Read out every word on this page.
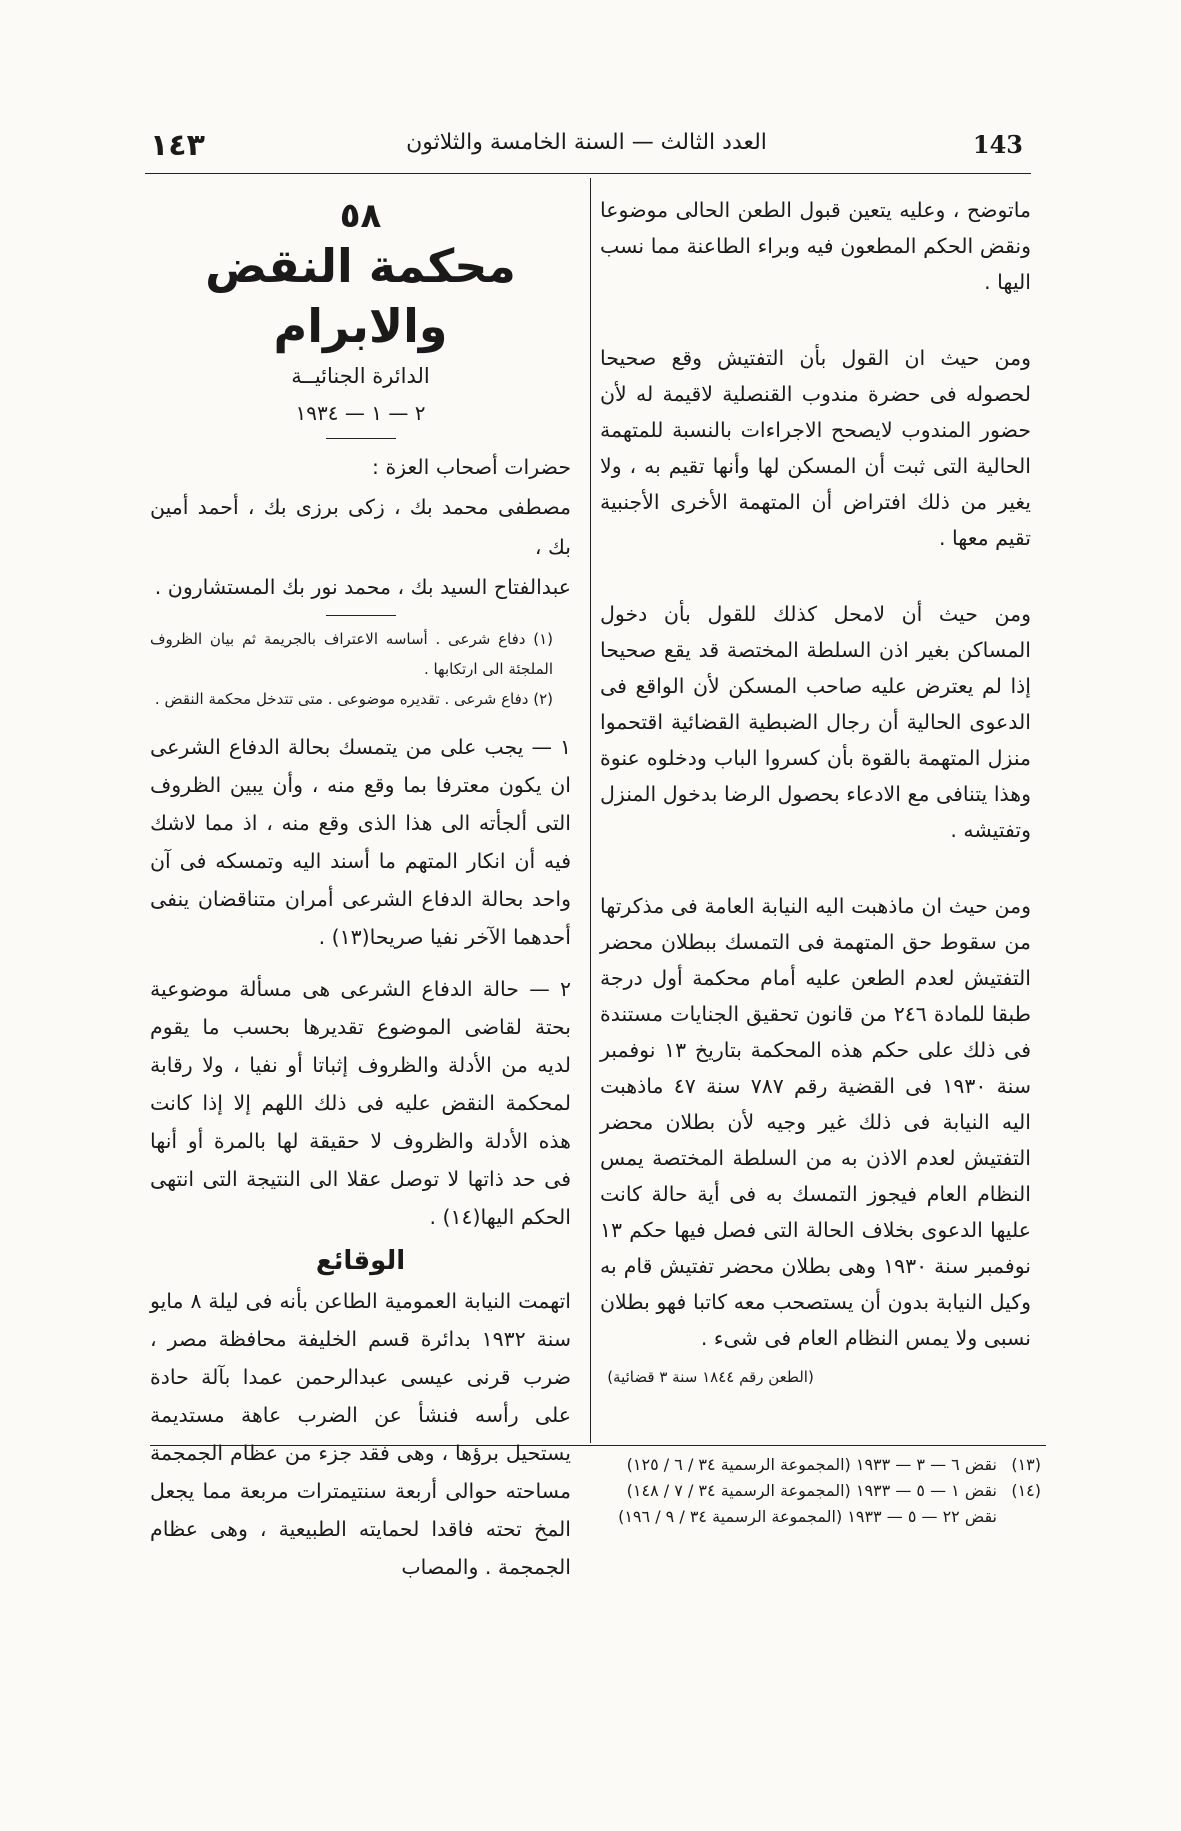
143
العدد الثالث — السنة الخامسة والثلاثون
١٤٣

ماتوضح ، وعليه يتعين قبول الطعن الحالى موضوعا ونقض الحكم المطعون فيه وبراء الطاعنة مما نسب اليها .

ومن حيث ان القول بأن التفتيش وقع صحيحا لحصوله فى حضرة مندوب القنصلية لاقيمة له لأن حضور المندوب لايصحح الاجراءات بالنسبة للمتهمة الحالية التى ثبت أن المسكن لها وأنها تقيم به ، ولا يغير من ذلك افتراض أن المتهمة الأخرى الأجنبية تقيم معها .

ومن حيث أن لامحل كذلك للقول بأن دخول المساكن بغير اذن السلطة المختصة قد يقع صحيحا إذا لم يعترض عليه صاحب المسكن لأن الواقع فى الدعوى الحالية أن رجال الضبطية القضائية اقتحموا منزل المتهمة بالقوة بأن كسروا الباب ودخلوه عنوة وهذا يتنافى مع الادعاء بحصول الرضا بدخول المنزل وتفتيشه .

ومن حيث ان ماذهبت اليه النيابة العامة فى مذكرتها من سقوط حق المتهمة فى التمسك ببطلان محضر التفتيش لعدم الطعن عليه أمام محكمة أول درجة طبقا للمادة ٢٤٦ من قانون تحقيق الجنايات مستندة فى ذلك على حكم هذه المحكمة بتاريخ ١٣ نوفمبر سنة ١٩٣٠ فى القضية رقم ٧٨٧ سنة ٤٧ ماذهبت اليه النيابة فى ذلك غير وجيه لأن بطلان محضر التفتيش لعدم الاذن به من السلطة المختصة يمس النظام العام فيجوز التمسك به فى أية حالة كانت عليها الدعوى بخلاف الحالة التى فصل فيها حكم ١٣ نوفمبر سنة ١٩٣٠ وهى بطلان محضر تفتيش قام به وكيل النيابة بدون أن يستصحب معه كاتبا فهو بطلان نسبى ولا يمس النظام العام فى شىء .

(الطعن رقم ١٨٤٤ سنة ٣ قضائية)
٥٨
محكمة النقض والابرام
الدائرة الجنائيــة
٢ — ١ — ١٩٣٤

حضرات أصحاب العزة :

مصطفى محمد بك ، زكى برزى بك ، أحمد أمين بك ،

عبدالفتاح السيد بك ، محمد نور بك المستشارون .

(١) دفاع شرعى . أساسه الاعتراف بالجريمة ثم بيان الظروف الملجئة الى ارتكابها .

(٢) دفاع شرعى . تقديره موضوعى . متى تتدخل محكمة النقض .

١ — يجب على من يتمسك بحالة الدفاع الشرعى ان يكون معترفا بما وقع منه ، وأن يبين الظروف التى ألجأته الى هذا الذى وقع منه ، اذ مما لاشك فيه أن انكار المتهم ما أسند اليه وتمسكه فى آن واحد بحالة الدفاع الشرعى أمران متناقضان ينفى أحدهما الآخر نفيا صريحا(١٣) .

٢ — حالة الدفاع الشرعى هى مسألة موضوعية بحتة لقاضى الموضوع تقديرها بحسب ما يقوم لديه من الأدلة والظروف إثباتا أو نفيا ، ولا رقابة لمحكمة النقض عليه فى ذلك اللهم إلا إذا كانت هذه الأدلة والظروف لا حقيقة لها بالمرة أو أنها فى حد ذاتها لا توصل عقلا الى النتيجة التى انتهى الحكم اليها(١٤) .

الوقائع

اتهمت النيابة العمومية الطاعن بأنه فى ليلة ٨ مايو سنة ١٩٣٢ بدائرة قسم الخليفة محافظة مصر ، ضرب قرنى عيسى عبدالرحمن عمدا بآلة حادة على رأسه فنشأ عن الضرب عاهة مستديمة يستحيل برؤها ، وهى فقد جزء من عظام الجمجمة مساحته حوالى أربعة سنتيمترات مربعة مما يجعل المخ تحته فاقدا لحمايته الطبيعية ، وهى عظام الجمجمة . والمصاب

(١٣)
نقض ٦ — ٣ — ١٩٣٣ (المجموعة الرسمية ٣٤ / ٦ / ١٢٥)
(١٤)
نقض ١ — ٥ — ١٩٣٣ (المجموعة الرسمية ٣٤ / ٧ / ١٤٨)
نقض ٢٢ — ٥ — ١٩٣٣ (المجموعة الرسمية ٣٤ / ٩ / ١٩٦)
